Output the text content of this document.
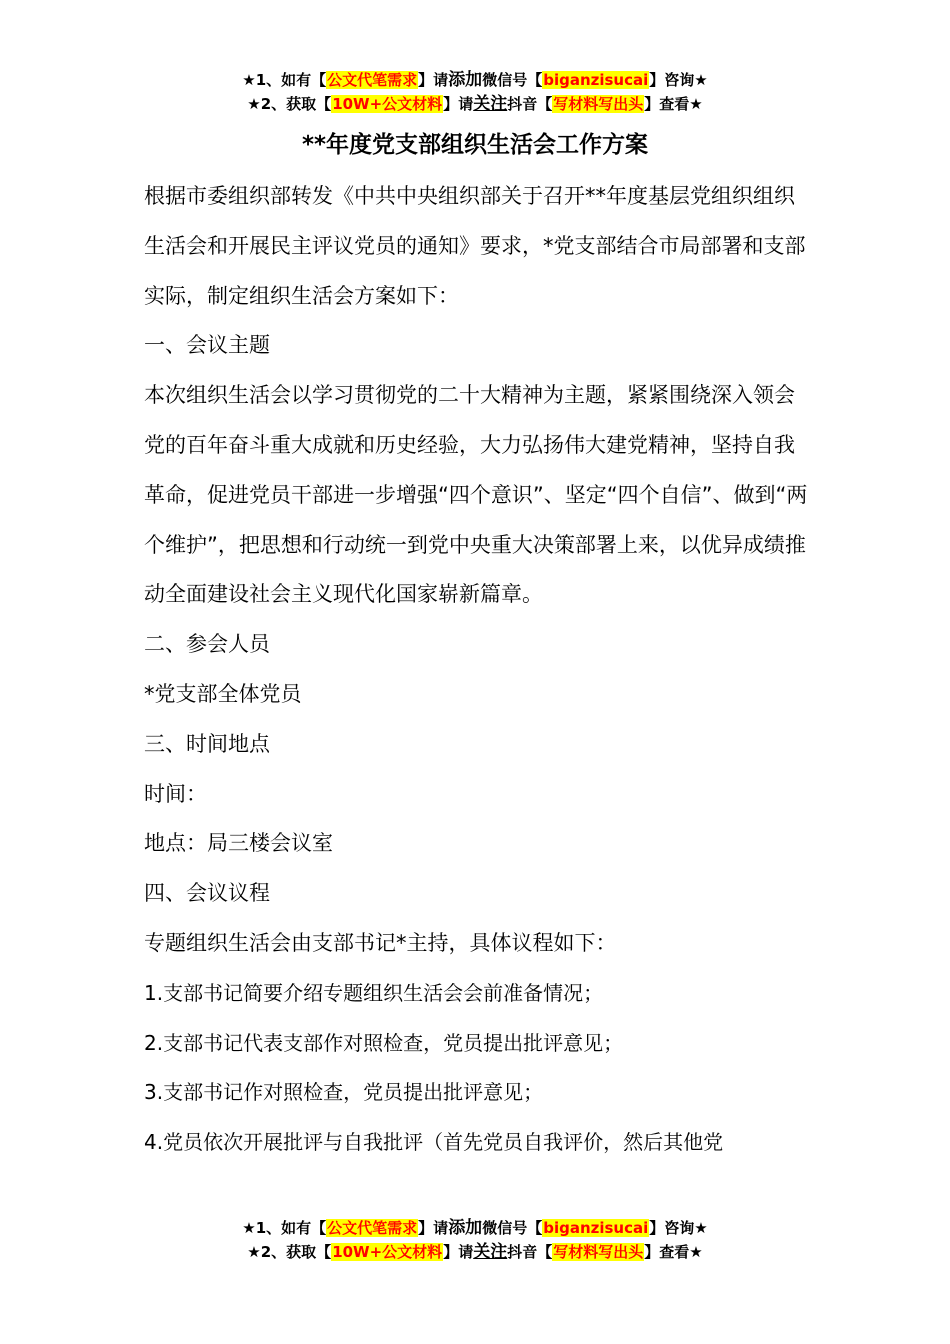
★1、如有【公文代笔需求】请添加微信号【biganzisucai】咨询★
★2、获取【10W+公文材料】请关注抖音【写材料写出头】查看★
**年度党支部组织生活会工作方案

根据市委组织部转发《中共中央组织部关于召开**年度基层党组织组织生活会和开展民主评议党员的通知》要求，*党支部结合市局部署和支部实际，制定组织生活会方案如下：

一、会议主题

本次组织生活会以学习贯彻党的二十大精神为主题，紧紧围绕深入领会党的百年奋斗重大成就和历史经验，大力弘扬伟大建党精神，坚持自我革命，促进党员干部进一步增强“四个意识”、坚定“四个自信”、做到“两个维护”，把思想和行动统一到党中央重大决策部署上来，以优异成绩推动全面建设社会主义现代化国家崭新篇章。

二、参会人员

*党支部全体党员

三、时间地点

时间：

地点：局三楼会议室

四、会议议程

专题组织生活会由支部书记*主持，具体议程如下：

1.支部书记简要介绍专题组织生活会会前准备情况；

2.支部书记代表支部作对照检查，党员提出批评意见；

3.支部书记作对照检查，党员提出批评意见；

4.党员依次开展批评与自我批评（首先党员自我评价，然后其他党

★1、如有【公文代笔需求】请添加微信号【biganzisucai】咨询★
★2、获取【10W+公文材料】请关注抖音【写材料写出头】查看★
